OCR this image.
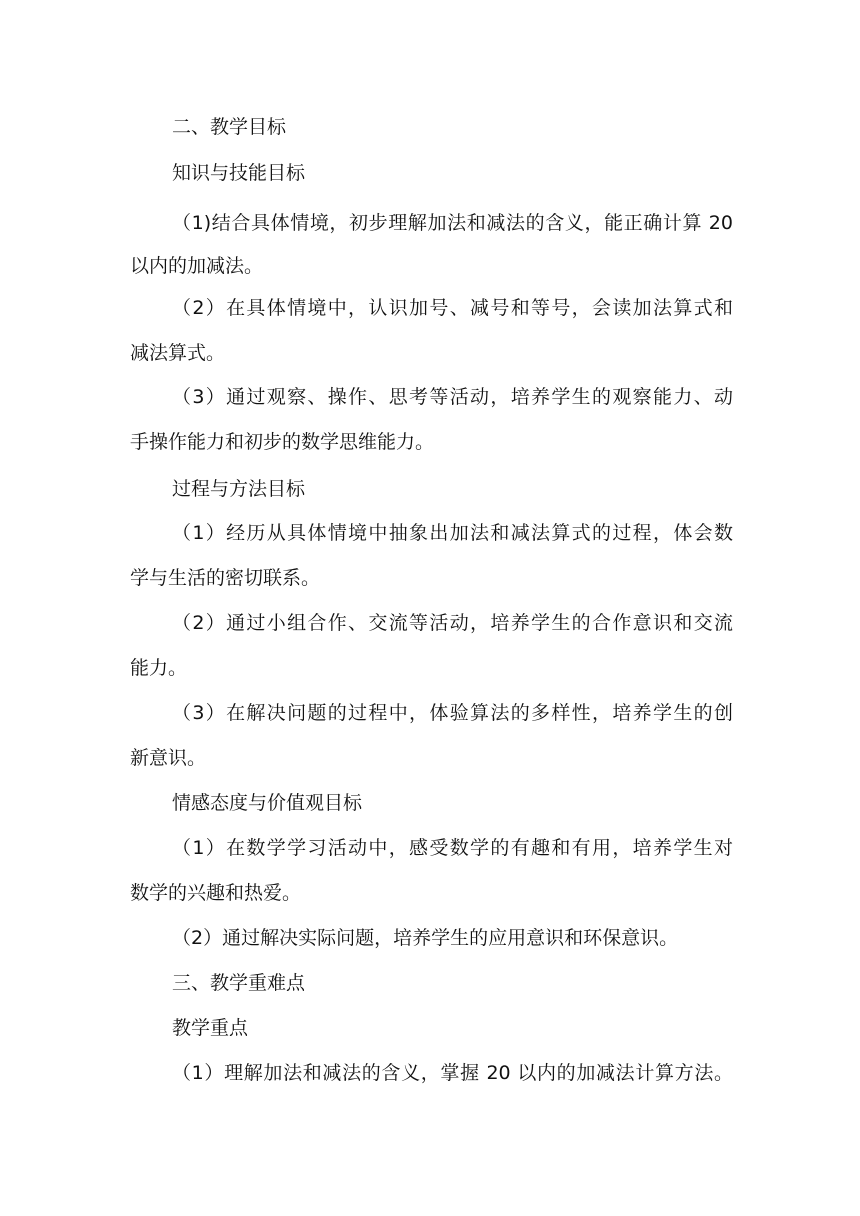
二、教学目标
知识与技能目标
（1)结合具体情境，初步理解加法和减法的含义，能正确计算 20
以内的加减法。
（2）在具体情境中，认识加号、减号和等号，会读加法算式和
减法算式。
（3）通过观察、操作、思考等活动，培养学生的观察能力、动
手操作能力和初步的数学思维能力。
过程与方法目标
（1）经历从具体情境中抽象出加法和减法算式的过程，体会数
学与生活的密切联系。
（2）通过小组合作、交流等活动，培养学生的合作意识和交流
能力。
（3）在解决问题的过程中，体验算法的多样性，培养学生的创
新意识。
情感态度与价值观目标
（1）在数学学习活动中，感受数学的有趣和有用，培养学生对
数学的兴趣和热爱。
（2）通过解决实际问题，培养学生的应用意识和环保意识。
三、教学重难点
教学重点
（1）理解加法和减法的含义，掌握 20 以内的加减法计算方法。
